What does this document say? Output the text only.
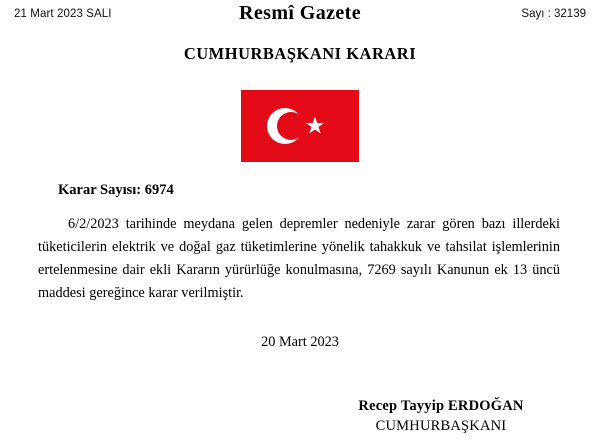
21 Mart 2023 SALI	Resmî Gazete	Sayı : 32139
CUMHURBAŞKANI KARARI
Karar Sayısı: 6974
6/2/2023 tarihinde meydana gelen depremler nedeniyle zarar gören bazı illerdeki tüketicilerin elektrik ve doğal gaz tüketimlerine yönelik tahakkuk ve tahsilat işlemlerinin ertelenmesine dair ekli Kararın yürürlüğe konulmasına, 7269 sayılı Kanunun ek 13 üncü maddesi gereğince karar verilmiştir.
20 Mart 2023
Recep Tayyip ERDOĞAN
CUMHURBAŞKANI
